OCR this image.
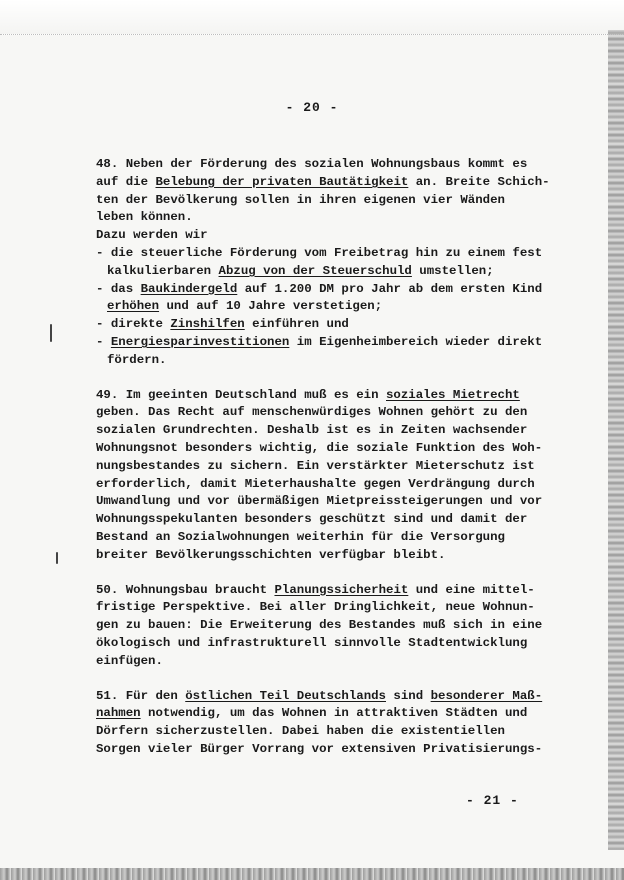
- 20 -
48. Neben der Förderung des sozialen Wohnungsbaus kommt es
auf die Belebung der privaten Bautätigkeit an. Breite Schich-
ten der Bevölkerung sollen in ihren eigenen vier Wänden
leben können.
Dazu werden wir
- die steuerliche Förderung vom Freibetrag hin zu einem fest
kalkulierbaren Abzug von der Steuerschuld umstellen;
- das Baukindergeld auf 1.200 DM pro Jahr ab dem ersten Kind
erhöhen und auf 10 Jahre verstetigen;
- direkte Zinshilfen einführen und
- Energiesparinvestitionen im Eigenheimbereich wieder direkt
fördern.
49. Im geeinten Deutschland muß es ein soziales Mietrecht
geben. Das Recht auf menschenwürdiges Wohnen gehört zu den
sozialen Grundrechten. Deshalb ist es in Zeiten wachsender
Wohnungsnot besonders wichtig, die soziale Funktion des Woh-
nungsbestandes zu sichern. Ein verstärkter Mieterschutz ist
erforderlich, damit Mieterhaushalte gegen Verdrängung durch
Umwandlung und vor übermäßigen Mietpreissteigerungen und vor
Wohnungsspekulanten besonders geschützt sind und damit der
Bestand an Sozialwohnungen weiterhin für die Versorgung
breiter Bevölkerungsschichten verfügbar bleibt.
50. Wohnungsbau braucht Planungssicherheit und eine mittel-
fristige Perspektive. Bei aller Dringlichkeit, neue Wohnun-
gen zu bauen: Die Erweiterung des Bestandes muß sich in eine
ökologisch und infrastrukturell sinnvolle Stadtentwicklung
einfügen.
51. Für den östlichen Teil Deutschlands sind besonderer Maß-
nahmen notwendig, um das Wohnen in attraktiven Städten und
Dörfern sicherzustellen. Dabei haben die existentiellen
Sorgen vieler Bürger Vorrang vor extensiven Privatisierungs-
- 21 -
